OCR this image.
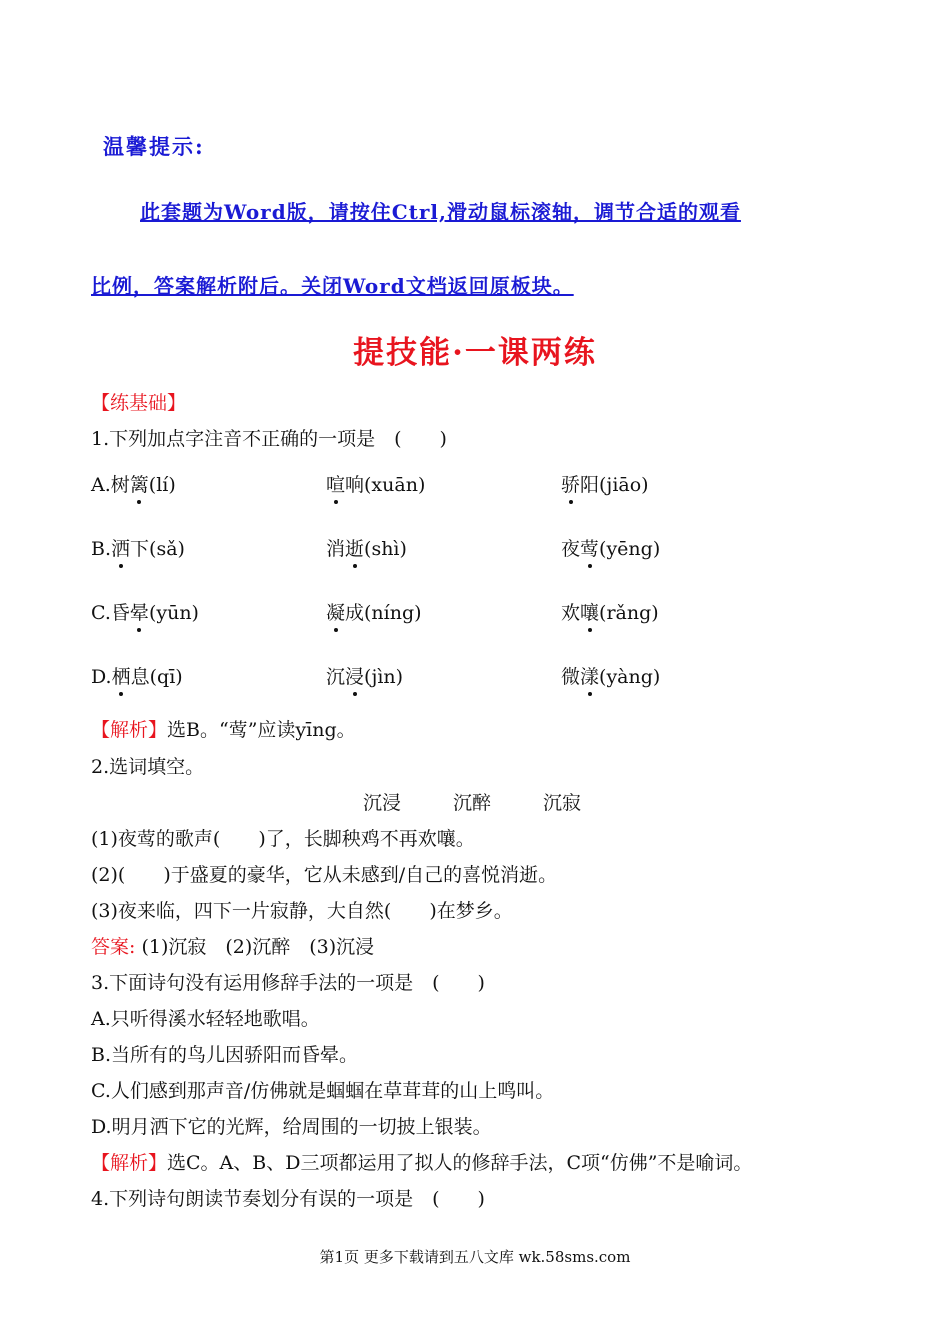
温馨提示:
此套题为Word版，请按住Ctrl,滑动鼠标滚轴，调节合适的观看
比例，答案解析附后。关闭Word文档返回原板块。
提技能·一课两练
【练基础】
1.下列加点字注音不正确的一项是　(　　)
A.树篱(lí)	喧响(xuān)	骄阳(jiāo)
B.洒下(sǎ)	消逝(shì)	夜莺(yēng)
C.昏晕(yūn)	凝成(níng)	欢嚷(rǎng)
D.栖息(qī)	沉浸(jìn)	微漾(yàng)
【解析】选B。“莺”应读yīng。
2.选词填空。
沉浸	沉醉	沉寂
(1)夜莺的歌声(　　)了，长脚秧鸡不再欢嚷。
(2)(　　)于盛夏的豪华，它从未感到/自己的喜悦消逝。
(3)夜来临，四下一片寂静，大自然(　　)在梦乡。
答案: (1)沉寂　(2)沉醉　(3)沉浸
3.下面诗句没有运用修辞手法的一项是　(　　)
A.只听得溪水轻轻地歌唱。
B.当所有的鸟儿因骄阳而昏晕。
C.人们感到那声音/仿佛就是蝈蝈在草茸茸的山上鸣叫。
D.明月洒下它的光辉，给周围的一切披上银装。
【解析】选C。A、B、D三项都运用了拟人的修辞手法，C项“仿佛”不是喻词。
4.下列诗句朗读节奏划分有误的一项是　(　　)
第1页 更多下载请到五八文库 wk.58sms.com
